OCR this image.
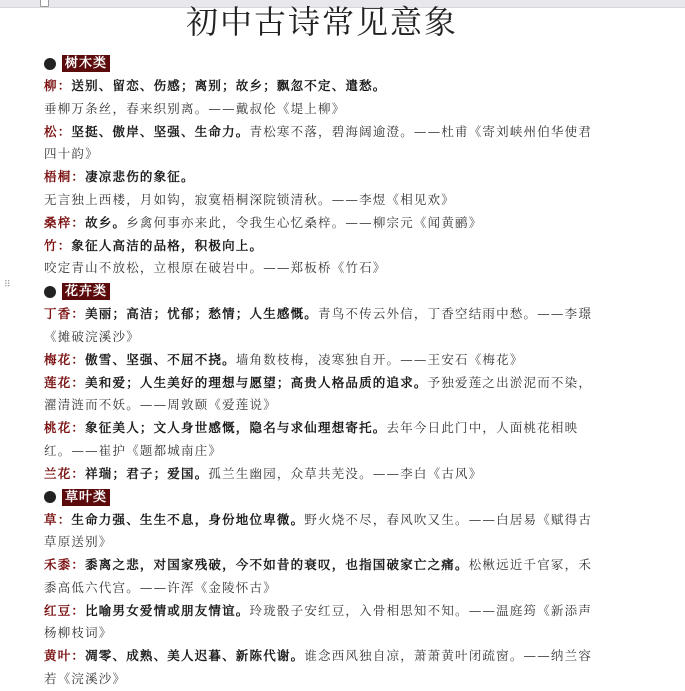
⠿
初中古诗常见意象
树木类

柳：送别、留恋、伤感；离别；故乡；飘忽不定、遣愁。
垂柳万条丝，春来织别离。——戴叔伦《堤上柳》

松：坚挺、傲岸、坚强、生命力。青松寒不落，碧海阔逾澄。——杜甫《寄刘峡州伯华使君四十韵》

梧桐：凄凉悲伤的象征。无言独上西楼，月如钩，寂寞梧桐深院锁清秋。——李煜《相见欢》

桑梓：故乡。乡禽何事亦来此，令我生心忆桑梓。——柳宗元《闻黄鹂》

竹：象征人高洁的品格，积极向上。咬定青山不放松，立根原在破岩中。——郑板桥《竹石》

花卉类

丁香：美丽；高洁；忧郁；愁情；人生感慨。青鸟不传云外信，丁香空结雨中愁。——李璟《摊破浣溪沙》

梅花：傲雪、坚强、不屈不挠。墙角数枝梅，凌寒独自开。——王安石《梅花》

莲花：美和爱；人生美好的理想与愿望；高贵人格品质的追求。予独爱莲之出淤泥而不染，濯清涟而不妖。——周敦颐《爱莲说》

桃花：象征美人；文人身世感慨，隐名与求仙理想寄托。去年今日此门中，人面桃花相映红。——崔护《题都城南庄》

兰花：祥瑞；君子；爱国。孤兰生幽园，众草共芜没。——李白《古风》

草叶类

草：生命力强、生生不息，身份地位卑微。野火烧不尽，春风吹又生。——白居易《赋得古草原送别》

禾黍：黍离之悲，对国家残破，今不如昔的衰叹，也指国破家亡之痛。松楸远近千官冢，禾黍高低六代宫。——许浑《金陵怀古》

红豆：比喻男女爱情或朋友情谊。玲珑骰子安红豆，入骨相思知不知。——温庭筠《新添声杨柳枝词》

黄叶：凋零、成熟、美人迟暮、新陈代谢。谁念西风独自凉，萧萧黄叶闭疏窗。——纳兰容若《浣溪沙》
